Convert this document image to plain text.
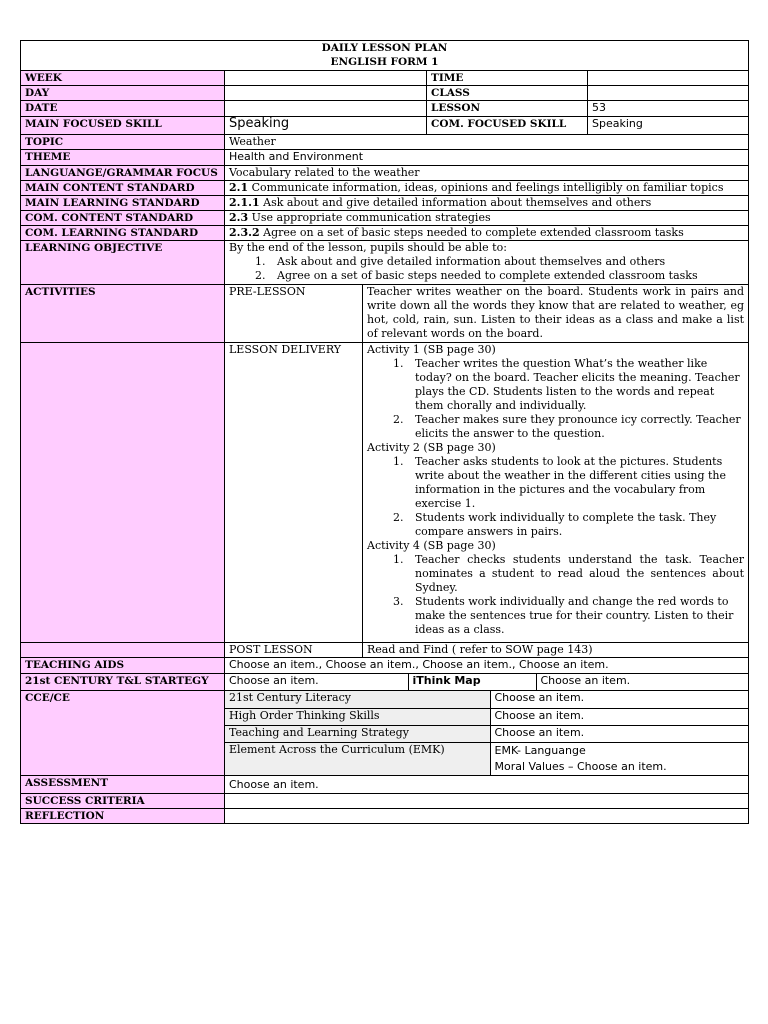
DAILY LESSON PLAN
ENGLISH FORM 1

WEEK		TIME	
DAY		CLASS	
DATE		LESSON	53
MAIN FOCUSED SKILL	Speaking	COM. FOCUSED SKILL	Speaking
TOPIC	Weather
THEME	Health and Environment
LANGUANGE/GRAMMAR FOCUS	Vocabulary related to the weather
MAIN CONTENT STANDARD	2.1 Communicate information, ideas, opinions and feelings intelligibly on familiar topics
MAIN LEARNING STANDARD	2.1.1 Ask about and give detailed information about themselves and others
COM. CONTENT STANDARD	2.3 Use appropriate communication strategies
COM. LEARNING STANDARD	2.3.2 Agree on a set of basic steps needed to complete extended classroom tasks
LEARNING OBJECTIVE	By the end of the lesson, pupils should be able to:
1. Ask about and give detailed information about themselves and others
2. Agree on a set of basic steps needed to complete extended classroom tasks

ACTIVITIES	PRE-LESSON	Teacher writes weather on the board. Students work in pairs and write down all the words they know that are related to weather, eg hot, cold, rain, sun. Listen to their ideas as a class and make a list of relevant words on the board.
	LESSON DELIVERY	Activity 1 (SB page 30)
1. Teacher writes the question What’s the weather like today? on the board. Teacher elicits the meaning. Teacher plays the CD. Students listen to the words and repeat them chorally and individually.
2. Teacher makes sure they pronounce icy correctly. Teacher elicits the answer to the question.
Activity 2 (SB page 30)
1. Teacher asks students to look at the pictures. Students write about the weather in the different cities using the information in the pictures and the vocabulary from exercise 1.
2. Students work individually to complete the task. They compare answers in pairs.
Activity 4 (SB page 30)
1. Teacher checks students understand the task. Teacher nominates a student to read aloud the sentences about Sydney.
3. Students work individually and change the red words to make the sentences true for their country. Listen to their ideas as a class.

	POST LESSON	Read and Find ( refer to SOW page 143)
TEACHING AIDS	Choose an item., Choose an item., Choose an item., Choose an item.
21st CENTURY T&L STARTEGY	Choose an item.	iThink Map	Choose an item.

CCE/CE		21st Century Literacy	Choose an item.
High Order Thinking Skills	Choose an item.
Teaching and Learning Strategy	Choose an item.
Element Across the Curriculum (EMK)	EMK- Languange
Moral Values – Choose an item.

ASSESSMENT	Choose an item.
SUCCESS CRITERIA	
REFLECTION	
